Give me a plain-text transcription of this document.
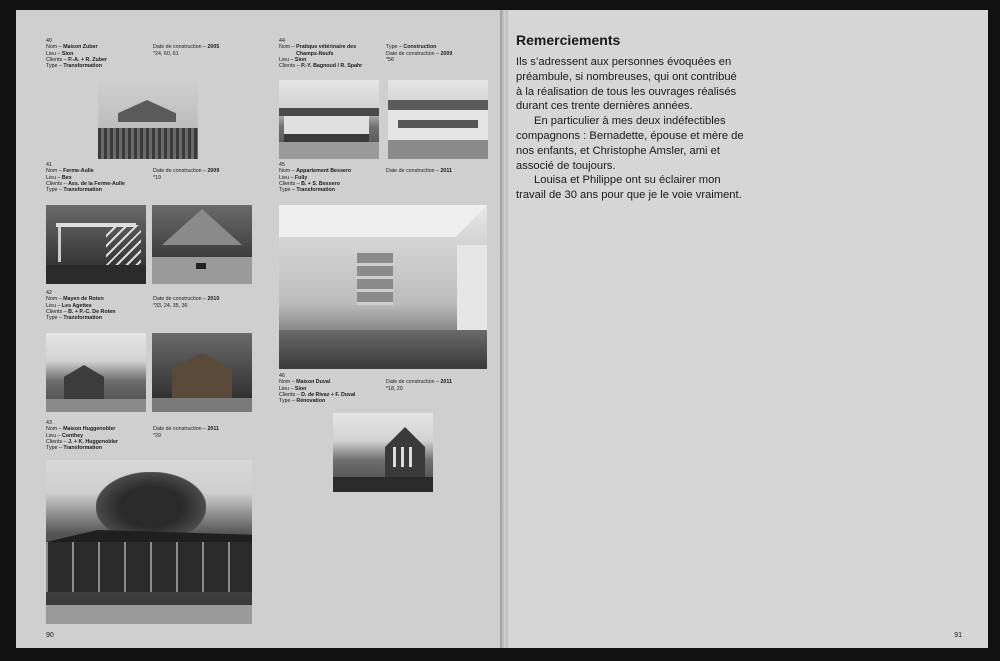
40
Nom – Maison Zuber
Lieu – Sion
Clients – P.-A. + R. Zuber
Type – Transformation
Date de construction – 2005
*24, 60, 61
41
Nom – Ferme-Aulle
Lieu – Bex
Clients – Ass. de la Ferme-Aulle
Type – Transformation
Date de construction – 2009
*19
42
Nom – Mayen de Roten
Lieu – Les Agettes
Clients – B. + P.-C. De Roten
Type – Transformation
Date de construction – 2010
*33, 24, 35, 36
43
Nom – Maison Huggenobler
Lieu – Conthey
Clients – J. + K. Huggenobler
Type – Transformation
Date de construction – 2011
*29
44
Nom – Pratique vétérinaire des Champs-Neufs
Lieu – Sion
Clients – P.-Y. Bagnoud / R. Spahr
Type – Construction
Date de construction – 2009
*56
45
Nom – Appartement Bessero
Lieu – Fully
Clients – B. + S. Bessero
Type – Transformation
Date de construction – 2011
46
Nom – Maison Duval
Lieu – Sion
Clients – D. de Rivaz + F. Duval
Type – Rénovation
Date de construction – 2011
*18, 20
90
Remerciements

Ils s’adressent aux personnes évoquées en préambule, si nombreuses, qui ont contribué à la réalisation de tous les ouvrages réalisés durant ces trente dernières années.

En particulier à mes deux indéfectibles compagnons : Bernadette, épouse et mère de nos enfants, et Christophe Amsler, ami et associé de toujours.

Louisa et Philippe ont su éclairer mon travail de 30 ans pour que je le voie vraiment.

91
